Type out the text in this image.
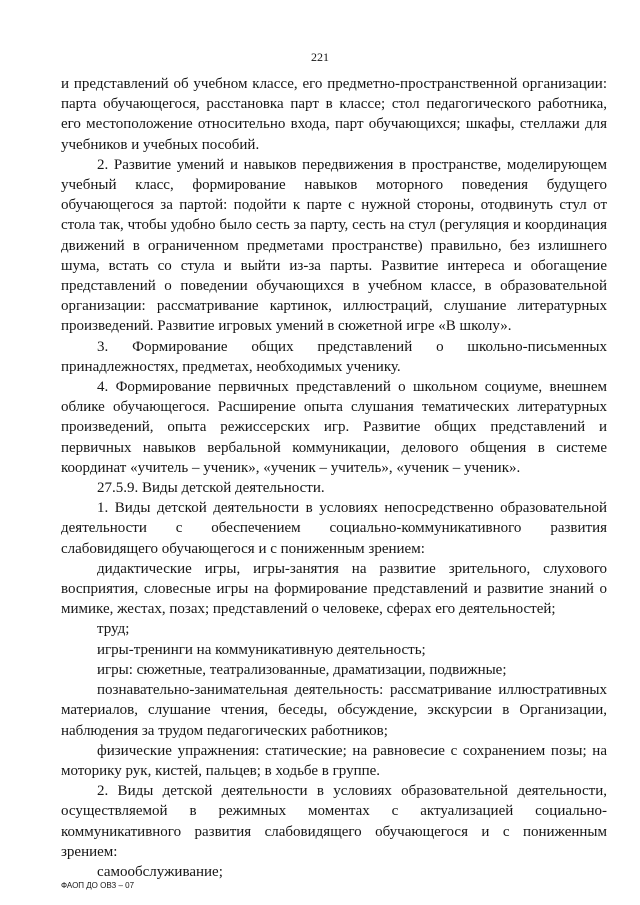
221

и представлений об учебном классе, его предметно-пространственной организации: парта обучающегося, расстановка парт в классе; стол педагогического работника, его местоположение относительно входа, парт обучающихся; шкафы, стеллажи для учебников и учебных пособий.

2. Развитие умений и навыков передвижения в пространстве, моделирующем учебный класс, формирование навыков моторного поведения будущего обучающегося за партой: подойти к парте с нужной стороны, отодвинуть стул от стола так, чтобы удобно было сесть за парту, сесть на стул (регуляция и координация движений в ограниченном предметами пространстве) правильно, без излишнего шума, встать со стула и выйти из-за парты. Развитие интереса и обогащение представлений о поведении обучающихся в учебном классе, в образовательной организации: рассматривание картинок, иллюстраций, слушание литературных произведений. Развитие игровых умений в сюжетной игре «В школу».

3. Формирование общих представлений о школьно-письменных принадлежностях, предметах, необходимых ученику.

4. Формирование первичных представлений о школьном социуме, внешнем облике обучающегося. Расширение опыта слушания тематических литературных произведений, опыта режиссерских игр. Развитие общих представлений и первичных навыков вербальной коммуникации, делового общения в системе координат «учитель – ученик», «ученик – учитель», «ученик – ученик».

27.5.9. Виды детской деятельности.

1. Виды детской деятельности в условиях непосредственно образовательной деятельности с обеспечением социально-коммуникативного развития слабовидящего обучающегося и с пониженным зрением:

дидактические игры, игры-занятия на развитие зрительного, слухового восприятия, словесные игры на формирование представлений и развитие знаний о мимике, жестах, позах; представлений о человеке, сферах его деятельностей;

труд;

игры-тренинги на коммуникативную деятельность;

игры: сюжетные, театрализованные, драматизации, подвижные;

познавательно-занимательная деятельность: рассматривание иллюстративных материалов, слушание чтения, беседы, обсуждение, экскурсии в Организации, наблюдения за трудом педагогических работников;

физические упражнения: статические; на равновесие с сохранением позы; на моторику рук, кистей, пальцев; в ходьбе в группе.

2. Виды детской деятельности в условиях образовательной деятельности, осуществляемой в режимных моментах с актуализацией социально-коммуникативного развития слабовидящего обучающегося и с пониженным зрением:

самообслуживание;

ФАОП ДО ОВЗ – 07
